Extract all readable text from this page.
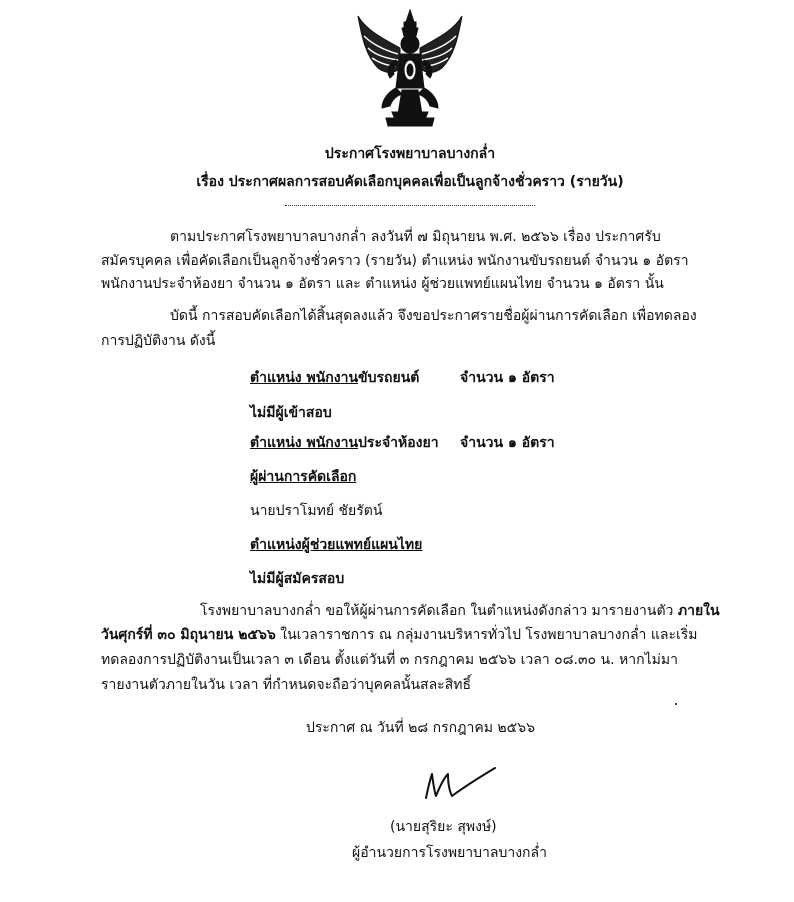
ประกาศโรงพยาบาลบางกล่ำ
เรื่อง ประกาศผลการสอบคัดเลือกบุคคลเพื่อเป็นลูกจ้างชั่วคราว (รายวัน)
ตามประกาศโรงพยาบาลบางกล่ำ ลงวันที่ ๗ มิถุนายน พ.ศ. ๒๕๖๖ เรื่อง ประกาศรับ
สมัครบุคคล เพื่อคัดเลือกเป็นลูกจ้างชั่วคราว (รายวัน) ตำแหน่ง พนักงานขับรถยนต์ จำนวน ๑ อัตรา
พนักงานประจำห้องยา จำนวน ๑ อัตรา และ ตำแหน่ง ผู้ช่วยแพทย์แผนไทย จำนวน ๑ อัตรา นั้น
บัดนี้ การสอบคัดเลือกได้สิ้นสุดลงแล้ว จึงขอประกาศรายชื่อผู้ผ่านการคัดเลือก เพื่อทดลอง
การปฏิบัติงาน ดังนี้
ตำแหน่ง พนักงานขับรถยนต์	จำนวน ๑ อัตรา
ไม่มีผู้เข้าสอบ
ตำแหน่ง พนักงานประจำห้องยา จำนวน ๑ อัตรา
ผู้ผ่านการคัดเลือก
นายปราโมทย์ ชัยรัตน์
ตำแหน่งผู้ช่วยแพทย์แผนไทย
ไม่มีผู้สมัครสอบ
โรงพยาบาลบางกล่ำ ขอให้ผู้ผ่านการคัดเลือก ในตำแหน่งดังกล่าว มารายงานตัว ภายใน
วันศุกร์ที่ ๓๐ มิถุนายน ๒๕๖๖ ในเวลาราชการ ณ กลุ่มงานบริหารทั่วไป โรงพยาบาลบางกล่ำ และเริ่ม
ทดลองการปฏิบัติงานเป็นเวลา ๓ เดือน ตั้งแต่วันที่ ๓ กรกฎาคม ๒๕๖๖ เวลา ๐๘.๓๐ น. หากไม่มา
รายงานตัวภายในวัน เวลา ที่กำหนดจะถือว่าบุคคลนั้นสละสิทธิ์
ประกาศ ณ วันที่ ๒๘ กรกฎาคม ๒๕๖๖
(นายสุริยะ สุพงษ์)
ผู้อำนวยการโรงพยาบาลบางกล่ำ
